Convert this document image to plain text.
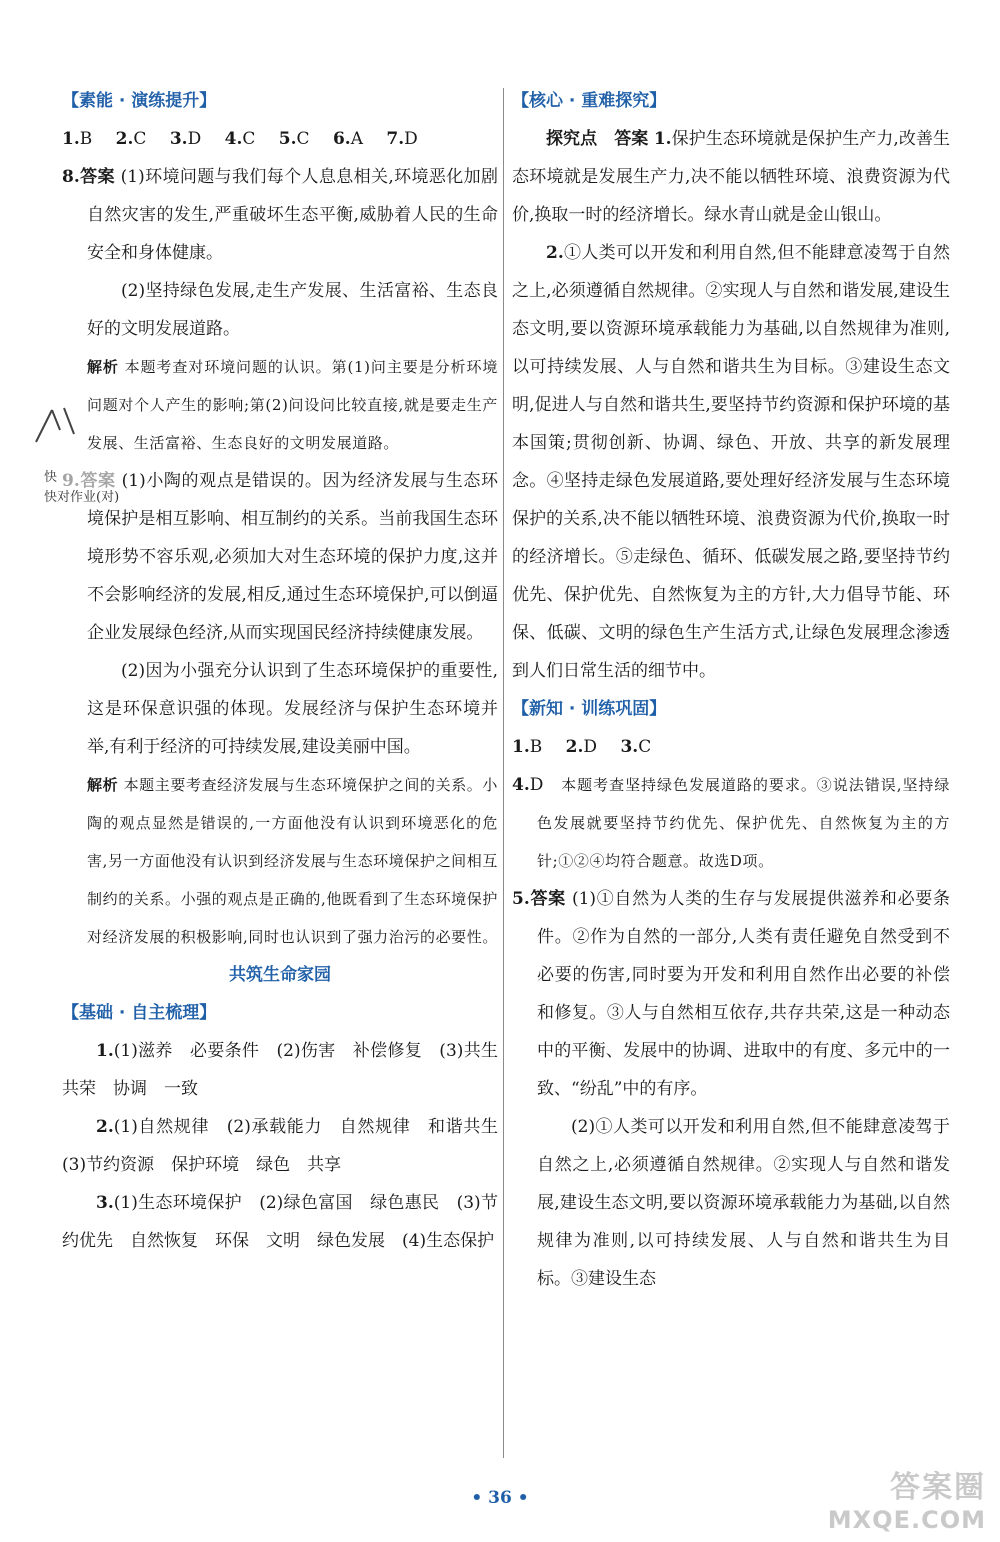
【素能 · 演练提升】
1.B 2.C 3.D 4.C 5.C 6.A 7.D
8.答案 (1)环境问题与我们每个人息息相关,环境恶化加剧自然灾害的发生,严重破坏生态平衡,威胁着人民的生命安全和身体健康。
(2)坚持绿色发展,走生产发展、生活富裕、生态良好的文明发展道路。
解析 本题考查对环境问题的认识。第(1)问主要是分析环境问题对个人产生的影响;第(2)问设问比较直接,就是要走生产发展、生活富裕、生态良好的文明发展道路。
(1)小陶的观点是错误的。因为经济发展与生态环境保护是相互影响、相互制约的关系。当前我国生态环境形势不容乐观,必须加大对生态环境的保护力度,这并不会影响经济的发展,相反,通过生态环境保护,可以倒逼企业发展绿色经济,从而实现国民经济持续健康发展。
(2)因为小强充分认识到了生态环境保护的重要性,这是环保意识强的体现。发展经济与保护生态环境并举,有利于经济的可持续发展,建设美丽中国。
解析 本题主要考查经济发展与生态环境保护之间的关系。小陶的观点显然是错误的,一方面他没有认识到环境恶化的危害,另一方面他没有认识到经济发展与生态环境保护之间相互制约的关系。小强的观点是正确的,他既看到了生态环境保护对经济发展的积极影响,同时也认识到了强力治污的必要性。
共筑生命家园
【基础 · 自主梳理】
1.(1)滋养　必要条件　(2)伤害　补偿修复　(3)共生共荣　协调　一致
2.(1)自然规律　(2)承载能力　自然规律　和谐共生　(3)节约资源　保护环境　绿色　共享
3.(1)生态环境保护　(2)绿色富国　绿色惠民　(3)节约优先　自然恢复　环保　文明　绿色发展　(4)生态保护
【核心 · 重难探究】
探究点　 答案 1.保护生态环境就是保护生产力,改善生态环境就是发展生产力,决不能以牺牲环境、浪费资源为代价,换取一时的经济增长。绿水青山就是金山银山。
2.①人类可以开发和利用自然,但不能肆意凌驾于自然之上,必须遵循自然规律。②实现人与自然和谐发展,建设生态文明,要以资源环境承载能力为基础,以自然规律为准则,以可持续发展、人与自然和谐共生为目标。③建设生态文明,促进人与自然和谐共生,要坚持节约资源和保护环境的基本国策;贯彻创新、协调、绿色、开放、共享的新发展理念。④坚持走绿色发展道路,要处理好经济发展与生态环境保护的关系,决不能以牺牲环境、浪费资源为代价,换取一时的经济增长。⑤走绿色、循环、低碳发展之路,要坚持节约优先、保护优先、自然恢复为主的方针,大力倡导节能、环保、低碳、文明的绿色生产生活方式,让绿色发展理念渗透到人们日常生活的细节中。
【新知 · 训练巩固】
1.B 2.D 3.C
4.D　 本题考查坚持绿色发展道路的要求。③说法错误,坚持绿色发展就要坚持节约优先、保护优先、自然恢复为主的方针;①②④均符合题意。故选D项。
5.答案 (1)①自然为人类的生存与发展提供滋养和必要条件。②作为自然的一部分,人类有责任避免自然受到不必要的伤害,同时要为开发和利用自然作出必要的补偿和修复。③人与自然相互依存,共存共荣,这是一种动态中的平衡、发展中的协调、进取中的有度、多元中的一致、“纷乱”中的有序。
(2)①人类可以开发和利用自然,但不能肆意凌驾于自然之上,必须遵循自然规律。②实现人与自然和谐发展,建设生态文明,要以资源环境承载能力为基础,以自然规律为准则,以可持续发展、人与自然和谐共生为目标。③建设生态
快
快对作业(对)
• 36 •	答案圈
MXQE.COM
